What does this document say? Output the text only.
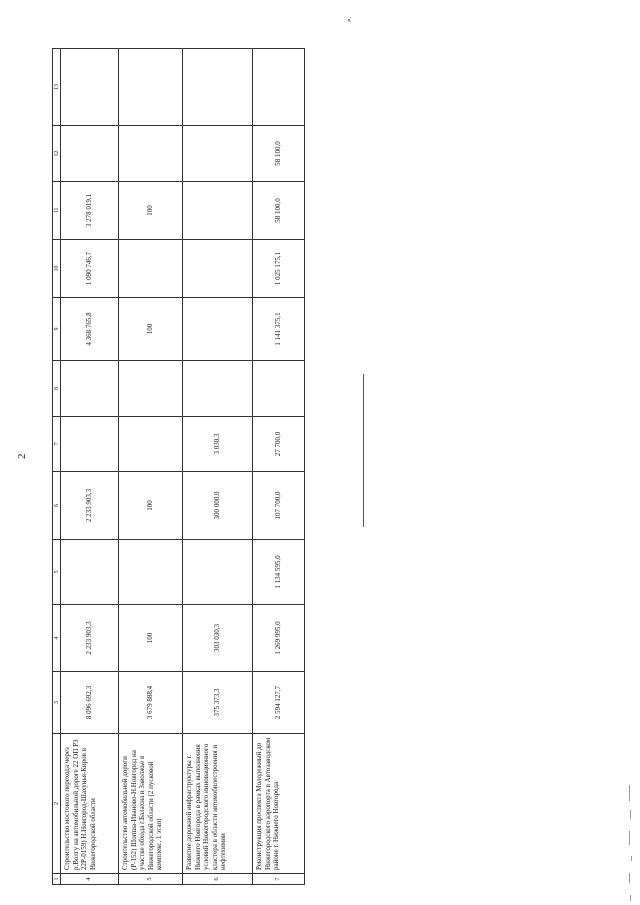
2
1	2	3	4	5	6	7	8	9	10	11	12	13
4	Строительство мостового перехода через р.Волгу на автомобильной дороге 22 ОП РЗ 22Р-0159) Н.Новгород-Шахунья-Киров в Нижегородской области	8 096 692,3	2 233 903,3		2 233 903,3			4 368 765,8	1 090 746,7	3 278 019,1		
5	Строительство автомобильной дороги (Р-152) Шопша-Иваново-Н.Новгород на участке обхода г.Балахна и Заволжье в Нижегородской области (2 пусковой комплекс, 1 этап)	3 679 888,4	100		100			100		100		
6	Развитие дорожной инфраструктуры г. Нижнего Новгорода в рамках выполнения условий Нижегородского инновационного кластера в области автомобилестроения и нефтехимии	375 373,3	303 030,3		300 000,0	3 030,3						
7	Реконструкция проспекта Молодежный до Нижегородского аэропорта в Автозаводском районе г. Нижнего Новгорода	2 594 127,7	1 269 995,0	1 134 595,0	107 700,0	27 700,0		1 141 375,1	1 025 175,1	58 100,0	58 100,0	
».
